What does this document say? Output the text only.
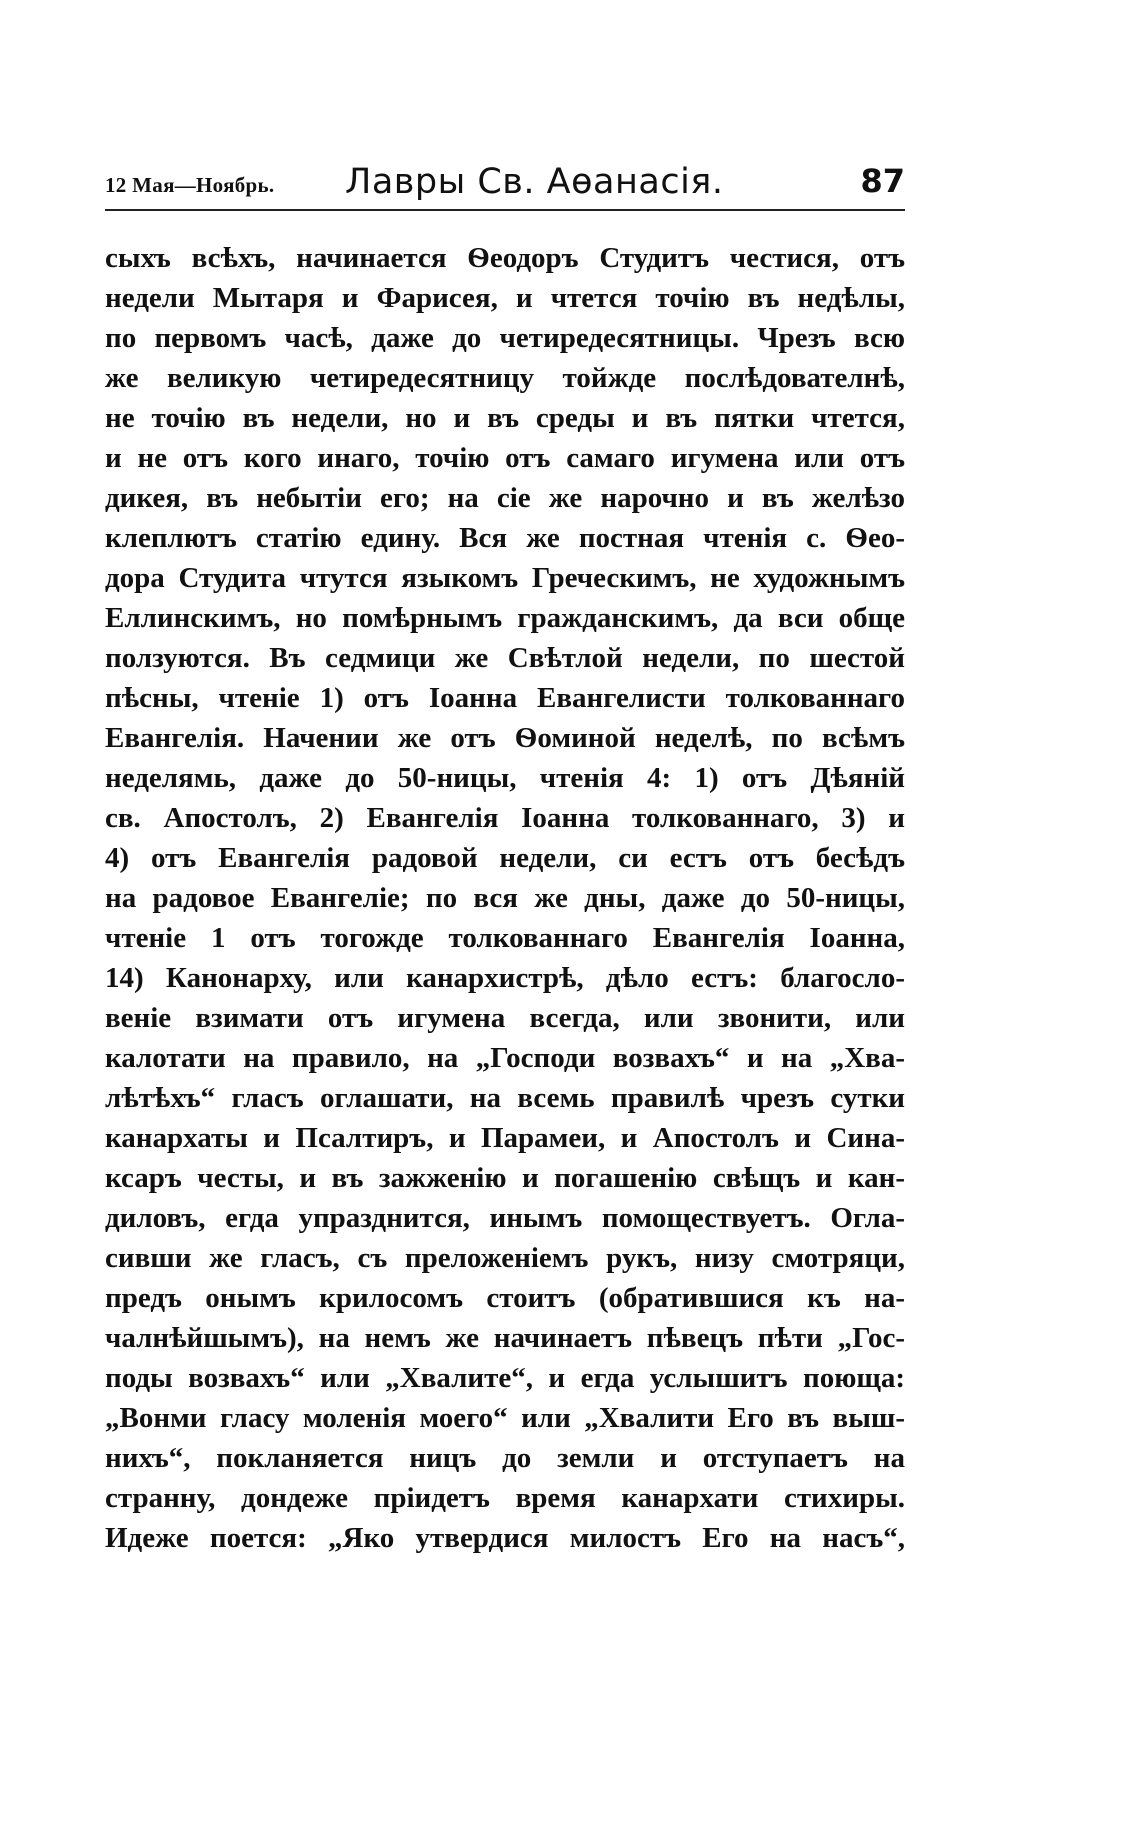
12 Мая—Ноябрь. Лавры Св. Аѳанасія.	87
сыхъ всѣхъ, начинается Ѳеодоръ Студитъ честися, отъ
недели Мытаря и Фарисея, и чтется точію въ недѣлы,
по первомъ часѣ, даже до четиредесятницы. Чрезъ всю
же великую четиредесятницу тойжде послѣдователнѣ,
не точію въ недели, но и въ среды и въ пятки чтется,
и не отъ кого инаго, точію отъ самаго игумена или отъ
дикея, въ небытіи его; на сіе же нарочно и въ желѣзо
клеплютъ статію едину. Вся же постная чтенія с. Ѳео-
дора Студита чтутся языкомъ Греческимъ, не художнымъ
Еллинскимъ, но помѣрнымъ гражданскимъ, да вси обще
ползуются. Въ седмици же Свѣтлой недели, по шестой
пѣсны, чтеніе 1) отъ Іоанна Евангелисти толкованнаго
Евангелія. Начении же отъ Ѳоминой неделѣ, по всѣмъ
неделямь, даже до 50-ницы, чтенія 4: 1) отъ Дѣяній
св. Апостолъ, 2) Евангелія Іоанна толкованнаго, 3) и
4) отъ Евангелія радовой недели, си естъ отъ бесѣдъ
на радовое Евангеліе; по вся же дны, даже до 50-ницы,
чтеніе 1 отъ тогожде толкованнаго Евангелія Іоанна,
14) Канонарху, или канархистрѣ, дѣло естъ: благосло-
веніе взимати отъ игумена всегда, или звонити, или
калотати на правило, на „Господи возвахъ“ и на „Хва-
лѣтѣхъ“ гласъ оглашати, на всемь правилѣ чрезъ сутки
канархаты и Псалтиръ, и Парамеи, и Апостолъ и Сина-
ксаръ честы, и въ зажженію и погашенію свѣщъ и кан-
диловъ, егда упразднится, инымъ помоществуетъ. Огла-
сивши же гласъ, съ преложеніемъ рукъ, низу смотряци,
предъ онымъ крилосомъ стоитъ (обратившися къ на-
чалнѣйшымъ), на немъ же начинаетъ пѣвецъ пѣти „Гос-
поды возвахъ“ или „Хвалите“, и егда услышитъ поюща:
„Вонми гласу моленія моего“ или „Хвалити Его въ выш-
нихъ“, покланяется ницъ до земли и отступаетъ на
странну, дондеже пріидетъ время канархати стихиры.
Идеже поется: „Яко утвердися милостъ Его на насъ“,
